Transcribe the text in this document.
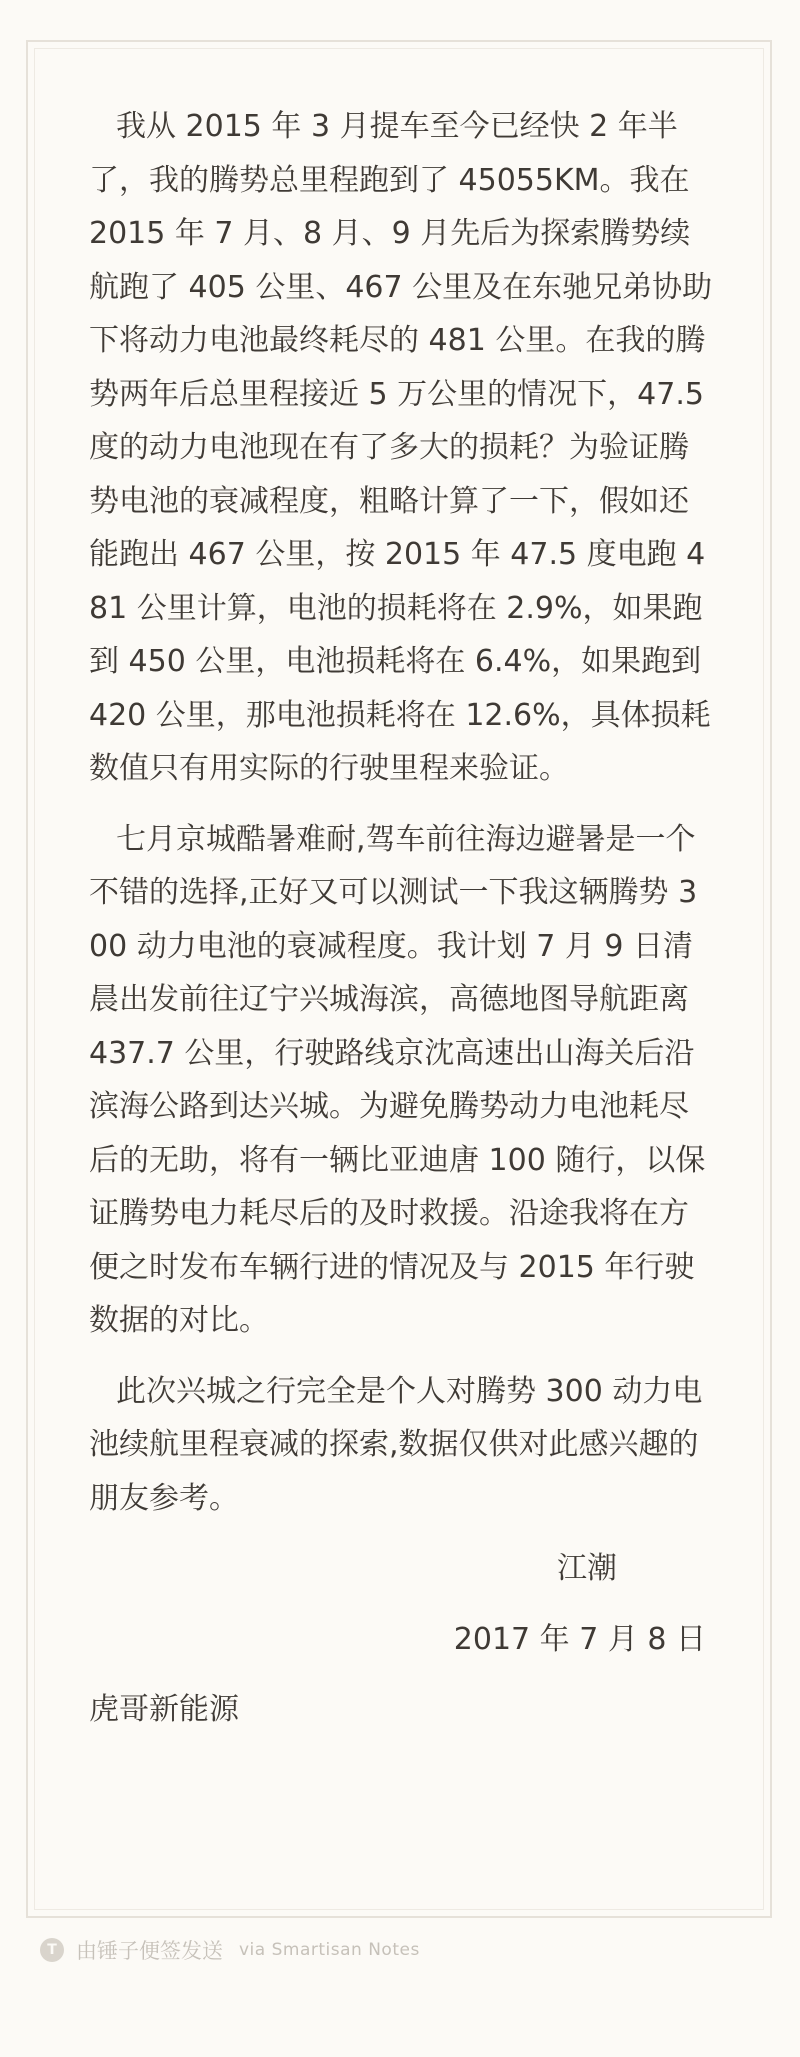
我从 2015 年 3 月提车至今已经快 2 年半了，我的腾势总里程跑到了 45055KM。我在 2015 年 7 月、8 月、9 月先后为探索腾势续航跑了 405 公里、467 公里及在东驰兄弟协助下将动力电池最终耗尽的 481 公里。在我的腾势两年后总里程接近 5 万公里的情况下，47.5 度的动力电池现在有了多大的损耗？为验证腾势电池的衰减程度，粗略计算了一下，假如还能跑出 467 公里，按 2015 年 47.5 度电跑 481 公里计算，电池的损耗将在 2.9%，如果跑到 450 公里，电池损耗将在 6.4%，如果跑到 420 公里，那电池损耗将在 12.6%，具体损耗数值只有用实际的行驶里程来验证。

七月京城酷暑难耐,驾车前往海边避暑是一个不错的选择,正好又可以测试一下我这辆腾势 300 动力电池的衰减程度。我计划 7 月 9 日清晨出发前往辽宁兴城海滨，高德地图导航距离 437.7 公里，行驶路线京沈高速出山海关后沿滨海公路到达兴城。为避免腾势动力电池耗尽后的无助，将有一辆比亚迪唐 100 随行，以保证腾势电力耗尽后的及时救援。沿途我将在方便之时发布车辆行进的情况及与 2015 年行驶数据的对比。

此次兴城之行完全是个人对腾势 300 动力电池续航里程衰减的探索,数据仅供对此感兴趣的朋友参考。

江潮

2017 年 7 月 8 日

虎哥新能源

T 由锤子便签发送 via Smartisan Notes
